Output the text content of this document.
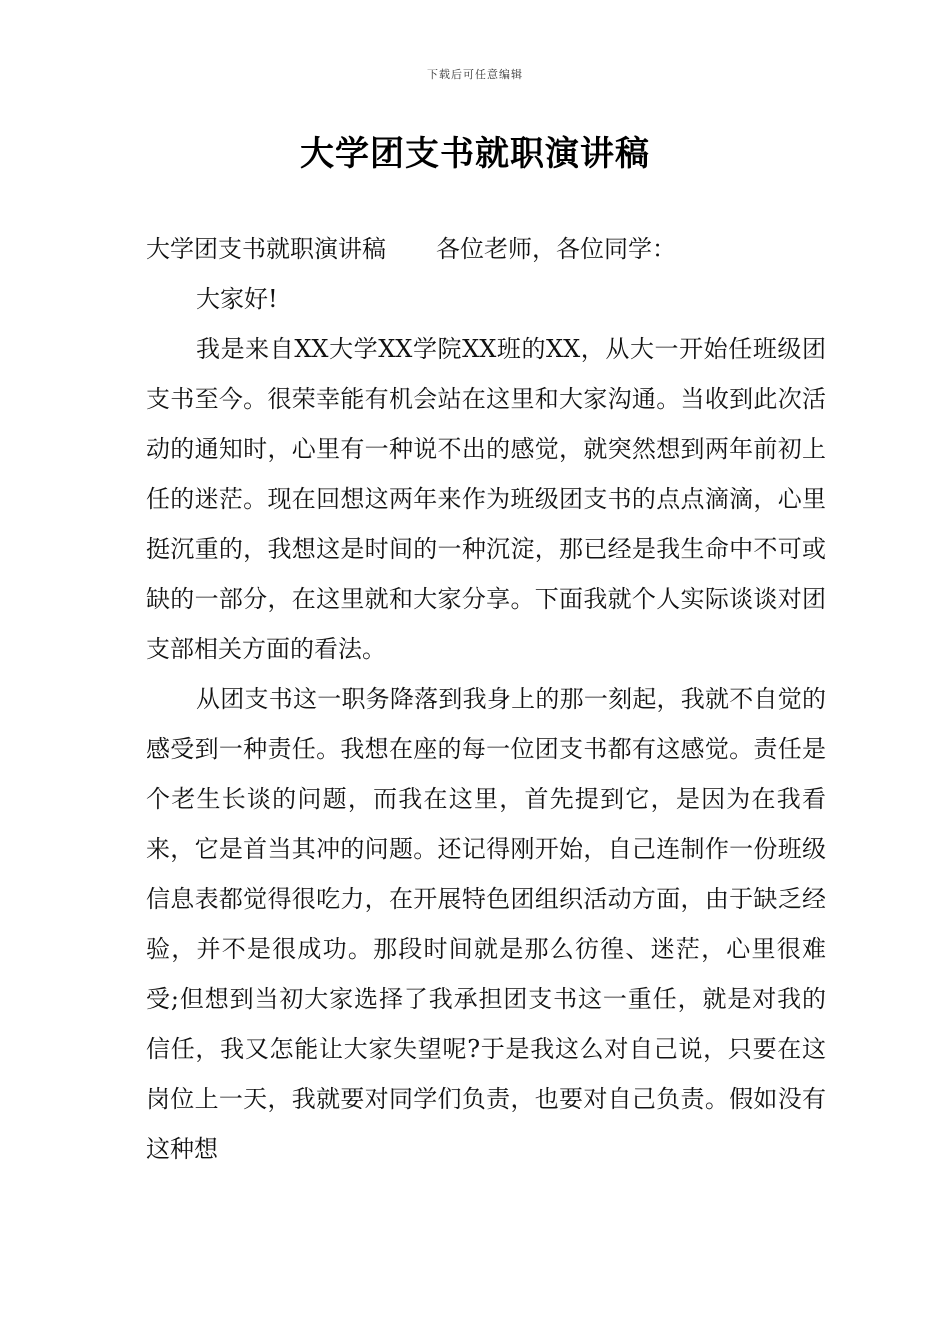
下载后可任意编辑
大学团支书就职演讲稿

大学团支书就职演讲稿 各位老师，各位同学：

大家好!

我是来自XX大学XX学院XX班的XX，从大一开始任班级团支书至今。很荣幸能有机会站在这里和大家沟通。当收到此次活动的通知时，心里有一种说不出的感觉，就突然想到两年前初上任的迷茫。现在回想这两年来作为班级团支书的点点滴滴，心里挺沉重的，我想这是时间的一种沉淀，那已经是我生命中不可或缺的一部分，在这里就和大家分享。下面我就个人实际谈谈对团支部相关方面的看法。

从团支书这一职务降落到我身上的那一刻起，我就不自觉的感受到一种责任。我想在座的每一位团支书都有这感觉。责任是个老生长谈的问题，而我在这里，首先提到它，是因为在我看来，它是首当其冲的问题。还记得刚开始，自己连制作一份班级信息表都觉得很吃力，在开展特色团组织活动方面，由于缺乏经验，并不是很成功。那段时间就是那么彷徨、迷茫，心里很难受;但想到当初大家选择了我承担团支书这一重任，就是对我的信任，我又怎能让大家失望呢?于是我这么对自己说，只要在这岗位上一天，我就要对同学们负责，也要对自己负责。假如没有这种想
